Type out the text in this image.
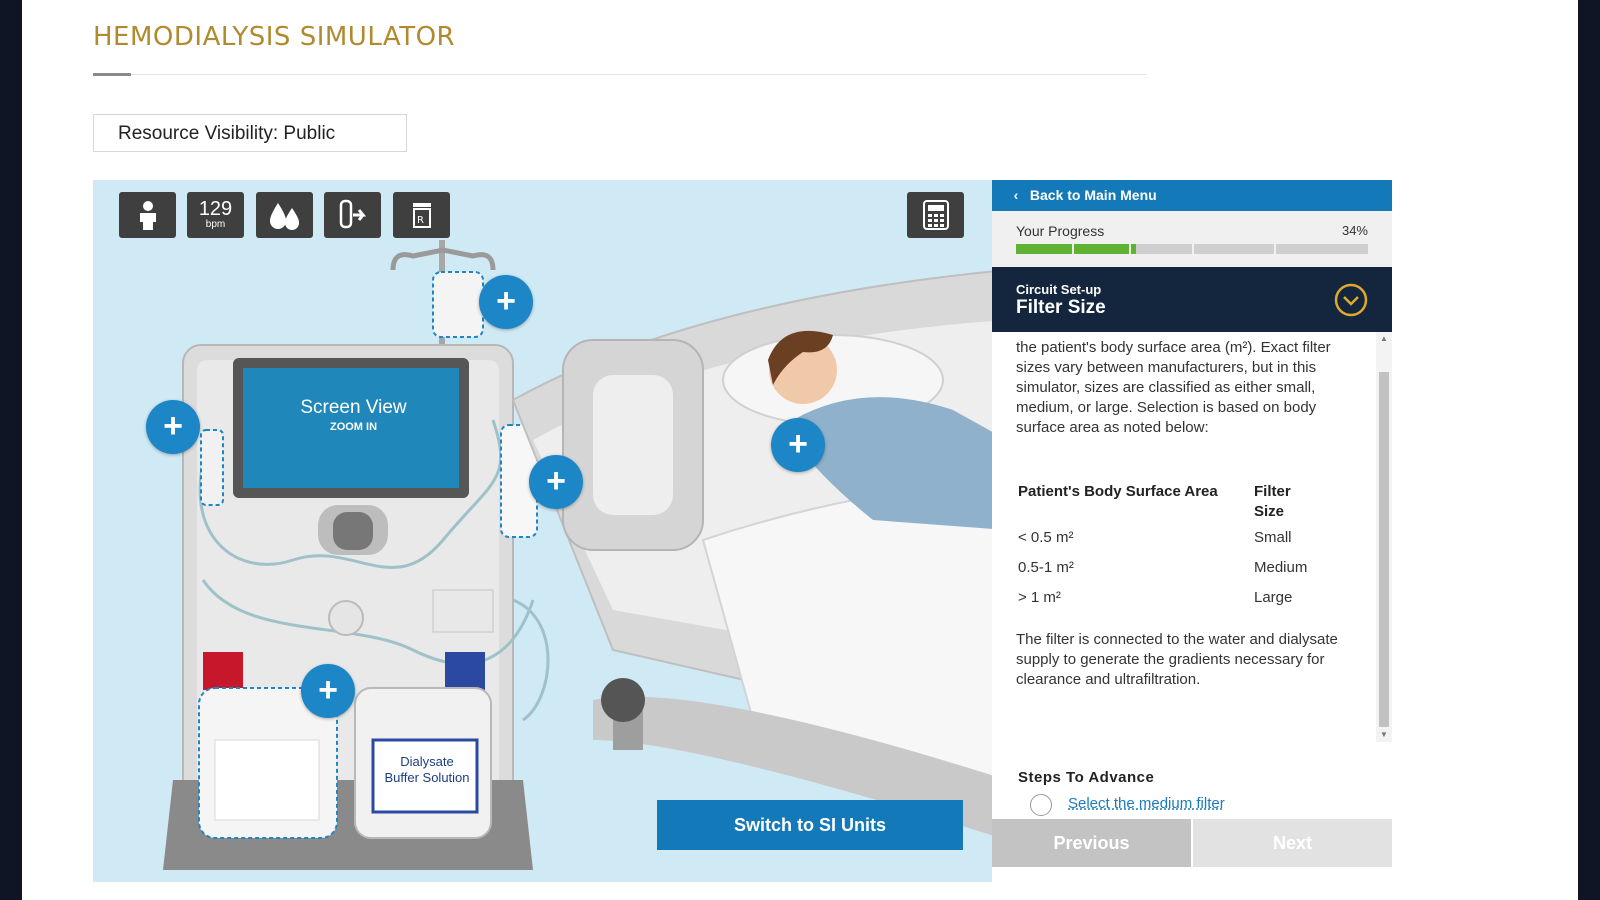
HEMODIALYSIS SIMULATOR
Resource Visibility: Public
129
bpm	R
Screen View
ZOOM IN
+
+
+
+
+
Dialysate
Buffer Solution
Switch to SI Units
‹ Back to Main Menu
Your Progress	34%
Circuit Set-up
Filter Size
the patient's body surface area (m²). Exact filter sizes vary between manufacturers, but in this simulator, sizes are classified as either small, medium, or large. Selection is based on body surface area as noted below:
Patient's Body Surface Area	Filter Size
< 0.5 m²	Small
0.5-1 m²	Medium
> 1 m²	Large
The filter is connected to the water and dialysate supply to generate the gradients necessary for clearance and ultrafiltration.
▲
▼
Steps To Advance
Select the medium filter
Previous	Next
